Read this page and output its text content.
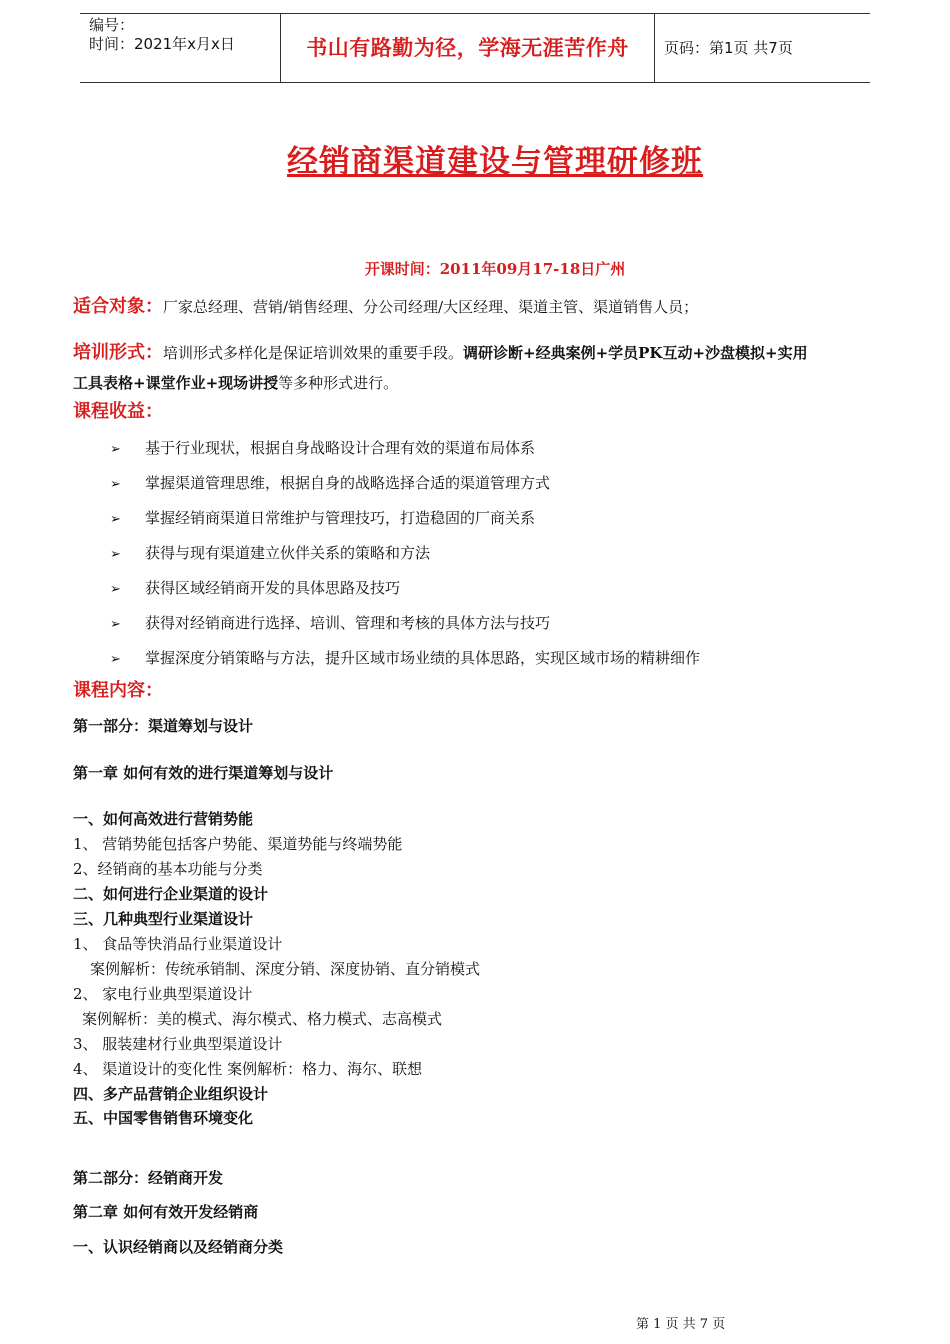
编号：
时间：2021年x月x日	书山有路勤为径，学海无涯苦作舟	页码：第1页 共7页
经销商渠道建设与管理研修班
开课时间：2011年09月17-18日广州
适合对象：厂家总经理、营销/销售经理、分公司经理/大区经理、渠道主管、渠道销售人员；
培训形式：培训形式多样化是保证培训效果的重要手段。调研诊断+经典案例+学员PK互动+沙盘模拟+实用
工具表格+课堂作业+现场讲授等多种形式进行。
课程收益：
➢ 基于行业现状，根据自身战略设计合理有效的渠道布局体系
➢ 掌握渠道管理思维，根据自身的战略选择合适的渠道管理方式
➢ 掌握经销商渠道日常维护与管理技巧，打造稳固的厂商关系
➢ 获得与现有渠道建立伙伴关系的策略和方法
➢ 获得区域经销商开发的具体思路及技巧
➢ 获得对经销商进行选择、培训、管理和考核的具体方法与技巧
➢ 掌握深度分销策略与方法，提升区域市场业绩的具体思路，实现区域市场的精耕细作
课程内容：
第一部分：渠道筹划与设计
第一章 如何有效的进行渠道筹划与设计
一、如何高效进行营销势能
1、 营销势能包括客户势能、渠道势能与终端势能
2、经销商的基本功能与分类
二、如何进行企业渠道的设计
三、几种典型行业渠道设计
1、 食品等快消品行业渠道设计
案例解析：传统承销制、深度分销、深度协销、直分销模式
2、 家电行业典型渠道设计
案例解析：美的模式、海尔模式、格力模式、志高模式
3、 服装建材行业典型渠道设计
4、 渠道设计的变化性 案例解析：格力、海尔、联想
四、多产品营销企业组织设计
五、中国零售销售环境变化
第二部分：经销商开发
第二章 如何有效开发经销商
一、认识经销商以及经销商分类
第 1 页 共 7 页
